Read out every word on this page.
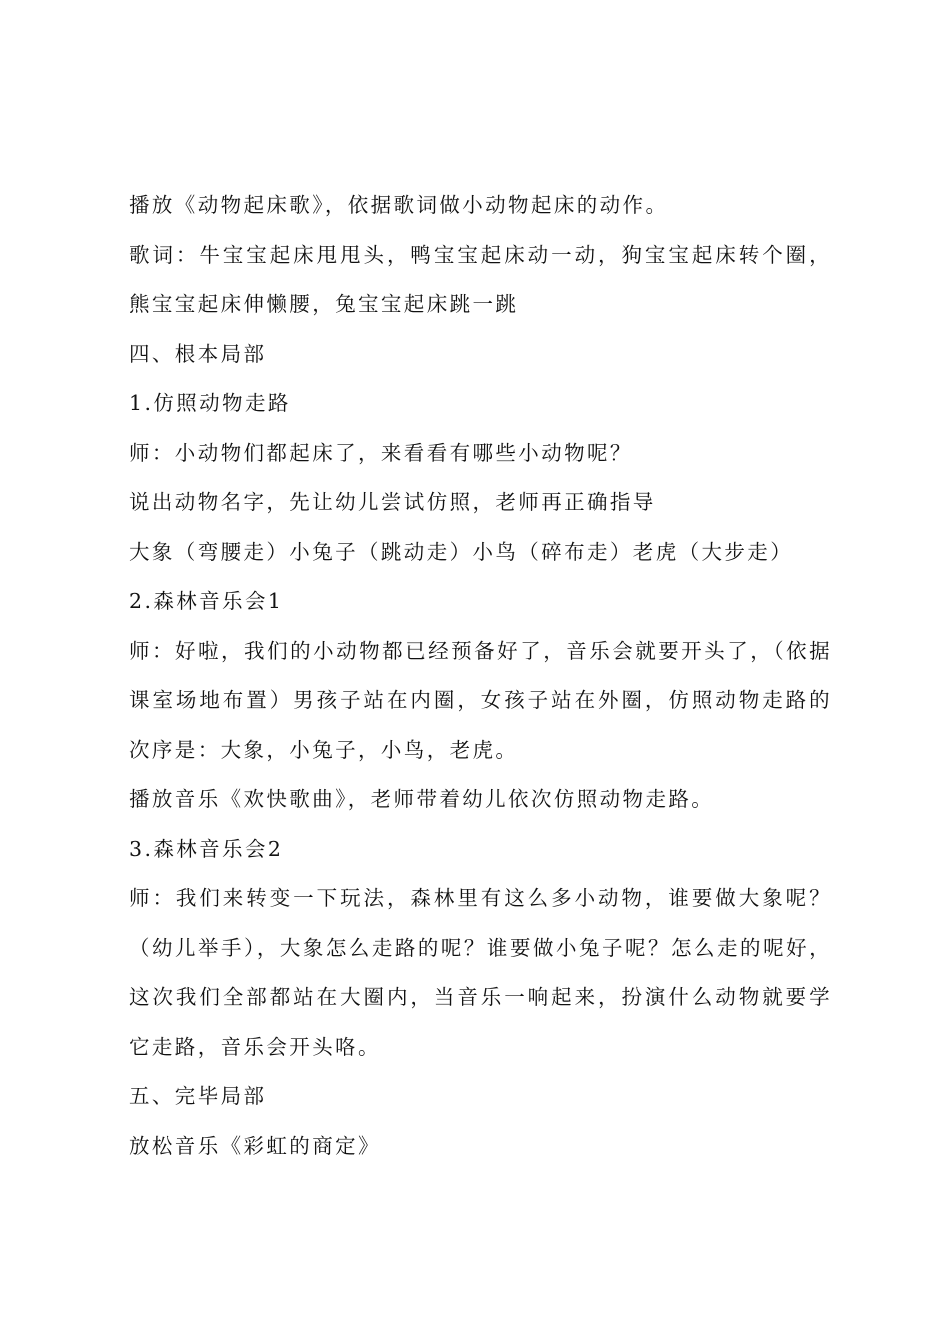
播放《动物起床歌》，依据歌词做小动物起床的动作。

歌词：牛宝宝起床甩甩头，鸭宝宝起床动一动，狗宝宝起床转个圈，熊宝宝起床伸懒腰，兔宝宝起床跳一跳

四、根本局部

1.仿照动物走路

师：小动物们都起床了，来看看有哪些小动物呢？

说出动物名字，先让幼儿尝试仿照，老师再正确指导

大象（弯腰走）小兔子（跳动走）小鸟（碎布走）老虎（大步走）

2.森林音乐会1

师：好啦，我们的小动物都已经预备好了，音乐会就要开头了，（依据课室场地布置）男孩子站在内圈，女孩子站在外圈，仿照动物走路的次序是：大象，小兔子，小鸟，老虎。

播放音乐《欢快歌曲》，老师带着幼儿依次仿照动物走路。

3.森林音乐会2

师：我们来转变一下玩法，森林里有这么多小动物，谁要做大象呢？（幼儿举手），大象怎么走路的呢？谁要做小兔子呢？怎么走的呢好，这次我们全部都站在大圈内，当音乐一响起来，扮演什么动物就要学它走路，音乐会开头咯。

五、完毕局部

放松音乐《彩虹的商定》
